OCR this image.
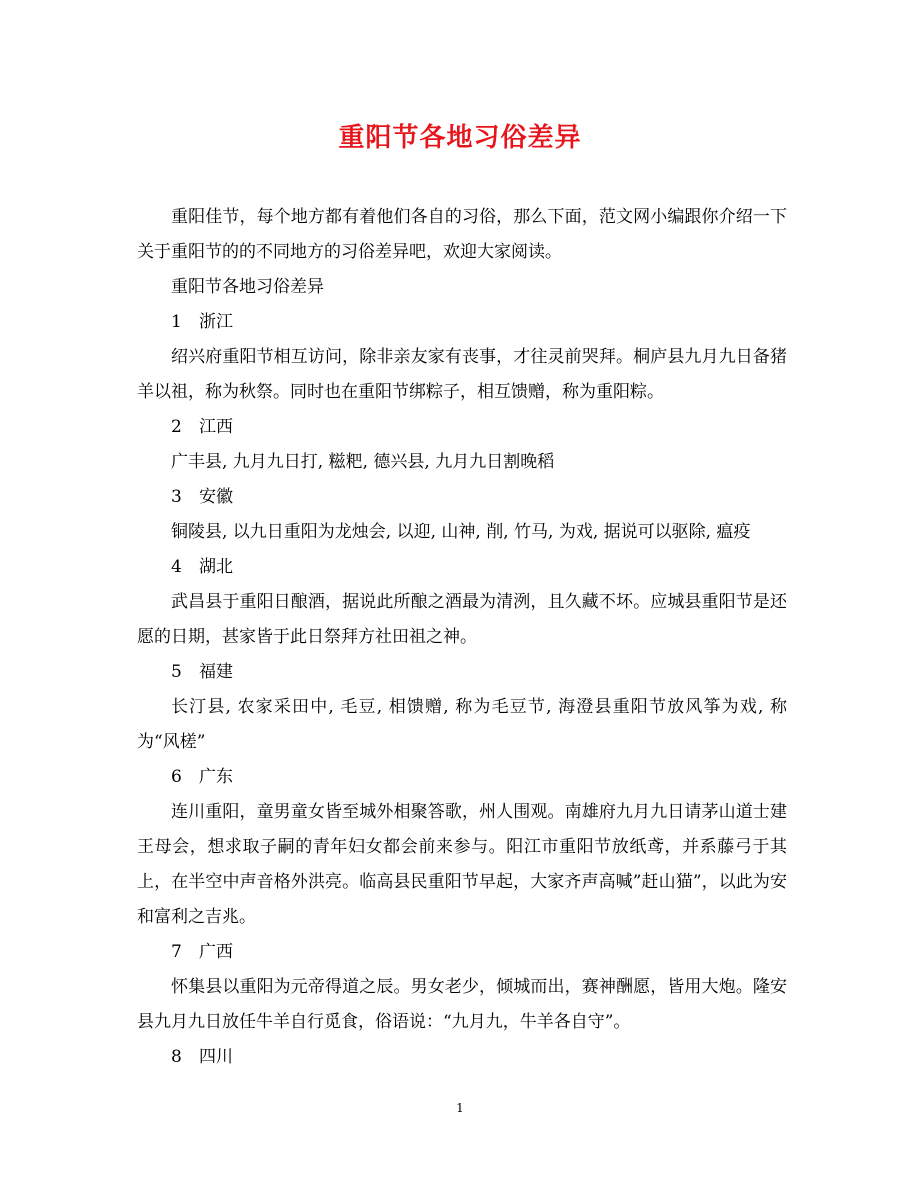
重阳节各地习俗差异

重阳佳节，每个地方都有着他们各自的习俗，那么下面，范文网小编跟你介绍一下关于重阳节的的不同地方的习俗差异吧，欢迎大家阅读。

重阳节各地习俗差异

1 浙江

绍兴府重阳节相互访问，除非亲友家有丧事，才往灵前哭拜。桐庐县九月九日备猪羊以祖，称为秋祭。同时也在重阳节绑粽子，相互馈赠，称为重阳粽。

2 江西

广丰县, 九月九日打, 糍粑, 德兴县, 九月九日割晚稻

3 安徽

铜陵县, 以九日重阳为龙烛会, 以迎, 山神, 削, 竹马, 为戏, 据说可以驱除, 瘟疫

4 湖北

武昌县于重阳日酿酒，据说此所酿之酒最为清洌，且久藏不坏。应城县重阳节是还愿的日期，甚家皆于此日祭拜方社田祖之神。

5 福建

长汀县, 农家采田中, 毛豆, 相馈赠, 称为毛豆节, 海澄县重阳节放风筝为戏, 称为“风槎”

6 广东

连川重阳，童男童女皆至城外相聚答歌，州人围观。南雄府九月九日请茅山道士建王母会，想求取子嗣的青年妇女都会前来参与。阳江市重阳节放纸鸢，并系藤弓于其上，在半空中声音格外洪亮。临高县民重阳节早起，大家齐声高喊”赶山猫”，以此为安和富利之吉兆。

7 广西

怀集县以重阳为元帝得道之辰。男女老少，倾城而出，赛神酬愿，皆用大炮。隆安县九月九日放任牛羊自行觅食，俗语说：“九月九，牛羊各自守”。

8 四川

1
